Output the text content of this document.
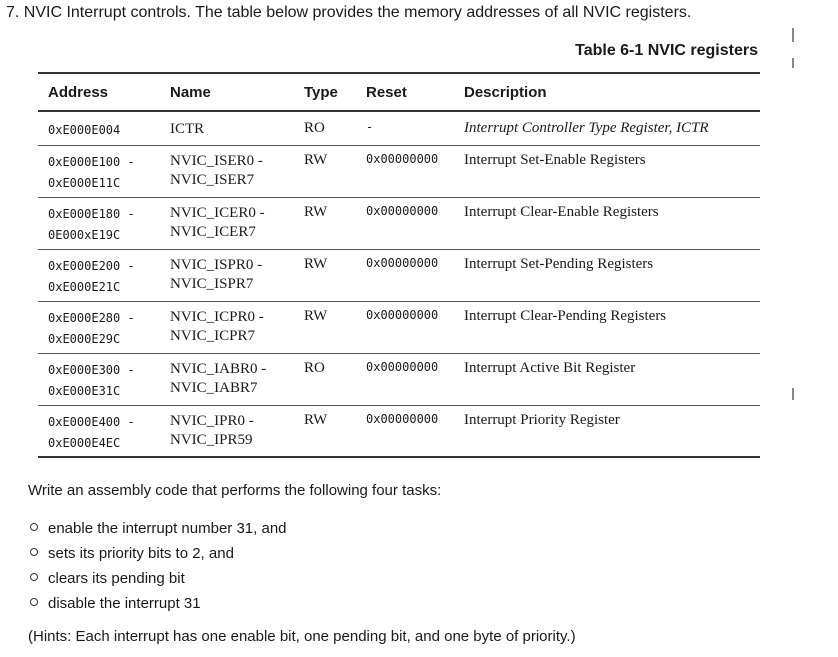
7. NVIC Interrupt controls. The table below provides the memory addresses of all NVIC registers.
Table 6-1 NVIC registers
Address	Name	Type	Reset	Description

0xE000E004	ICTR	RO	-	Interrupt Controller Type Register, ICTR

0xE000E100 -
0xE000E11C	NVIC_ISER0 -
NVIC_ISER7	RW	0x00000000	Interrupt Set-Enable Registers

0xE000E180 -
0E000xE19C	NVIC_ICER0 -
NVIC_ICER7	RW	0x00000000	Interrupt Clear-Enable Registers

0xE000E200 -
0xE000E21C	NVIC_ISPR0 -
NVIC_ISPR7	RW	0x00000000	Interrupt Set-Pending Registers

0xE000E280 -
0xE000E29C	NVIC_ICPR0 -
NVIC_ICPR7	RW	0x00000000	Interrupt Clear-Pending Registers

0xE000E300 -
0xE000E31C	NVIC_IABR0 -
NVIC_IABR7	RO	0x00000000	Interrupt Active Bit Register

0xE000E400 -
0xE000E4EC	NVIC_IPR0 -
NVIC_IPR59	RW	0x00000000	Interrupt Priority Register
Write an assembly code that performs the following four tasks:
enable the interrupt number 31, and
sets its priority bits to 2, and
clears its pending bit
disable the interrupt 31
(Hints: Each interrupt has one enable bit, one pending bit, and one byte of priority.)
